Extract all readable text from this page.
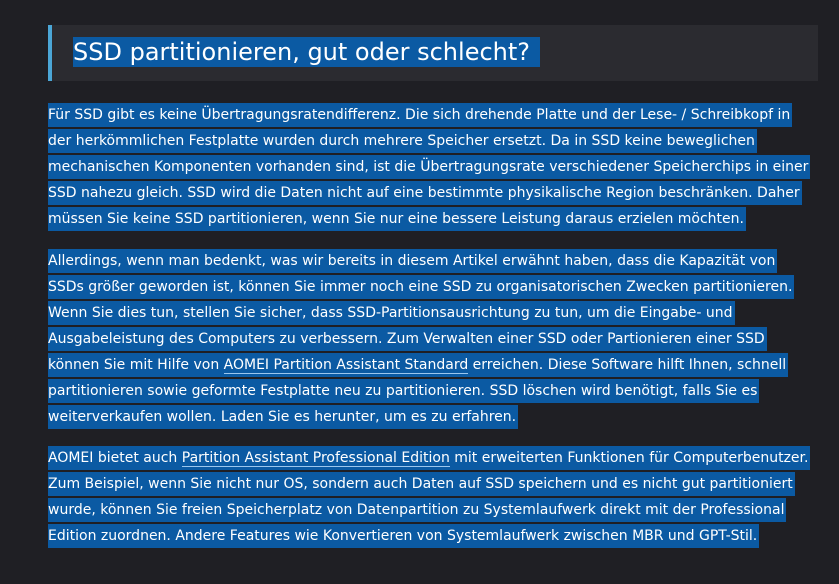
SSD partitionieren, gut oder schlecht?

Für SSD gibt es keine Übertragungsratendifferenz. Die sich drehende Platte und der Lese- / Schreibkopf in
der herkömmlichen Festplatte wurden durch mehrere Speicher ersetzt. Da in SSD keine beweglichen
mechanischen Komponenten vorhanden sind, ist die Übertragungsrate verschiedener Speicherchips in einer
SSD nahezu gleich. SSD wird die Daten nicht auf eine bestimmte physikalische Region beschränken. Daher
müssen Sie keine SSD partitionieren, wenn Sie nur eine bessere Leistung daraus erzielen möchten.

Allerdings, wenn man bedenkt, was wir bereits in diesem Artikel erwähnt haben, dass die Kapazität von
SSDs größer geworden ist, können Sie immer noch eine SSD zu organisatorischen Zwecken partitionieren.
Wenn Sie dies tun, stellen Sie sicher, dass SSD-Partitionsausrichtung zu tun, um die Eingabe- und
Ausgabeleistung des Computers zu verbessern. Zum Verwalten einer SSD oder Partionieren einer SSD
können Sie mit Hilfe von AOMEI Partition Assistant Standard erreichen. Diese Software hilft Ihnen, schnell
partitionieren sowie geformte Festplatte neu zu partitionieren. SSD löschen wird benötigt, falls Sie es
weiterverkaufen wollen. Laden Sie es herunter, um es zu erfahren.

AOMEI bietet auch Partition Assistant Professional Edition mit erweiterten Funktionen für Computerbenutzer.
Zum Beispiel, wenn Sie nicht nur OS, sondern auch Daten auf SSD speichern und es nicht gut partitioniert
wurde, können Sie freien Speicherplatz von Datenpartition zu Systemlaufwerk direkt mit der Professional
Edition zuordnen. Andere Features wie Konvertieren von Systemlaufwerk zwischen MBR und GPT-Stil.
